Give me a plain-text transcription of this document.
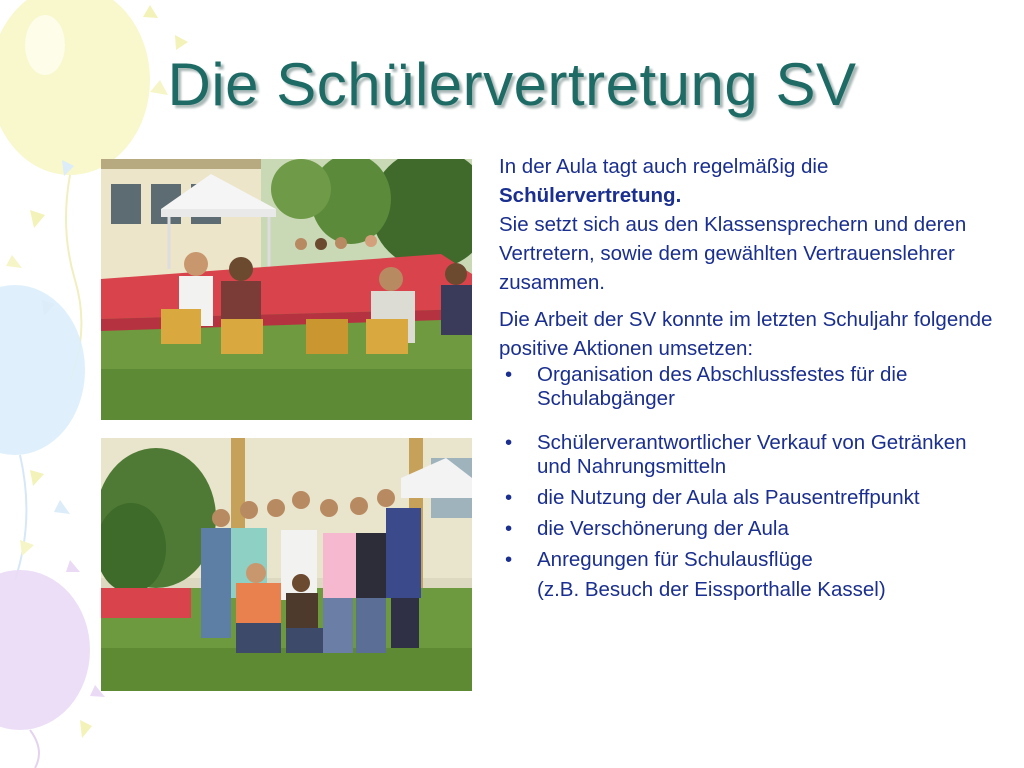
Die Schülervertretung SV

In der Aula tagt auch regelmäßig die
Schülervertretung.
Sie setzt sich aus den Klassensprechern und deren Vertretern, sowie dem gewählten Vertrauenslehrer zusammen.

Die Arbeit der SV konnte im letzten Schuljahr folgende positive Aktionen umsetzen:

• Organisation des Abschlussfestes für die Schulabgänger
• Schülerverantwortlicher Verkauf von Getränken und Nahrungsmitteln
• die Nutzung der Aula als Pausentreffpunkt
• die Verschönerung der Aula
• Anregungen für Schulausflüge
(z.B. Besuch der Eissporthalle Kassel)
